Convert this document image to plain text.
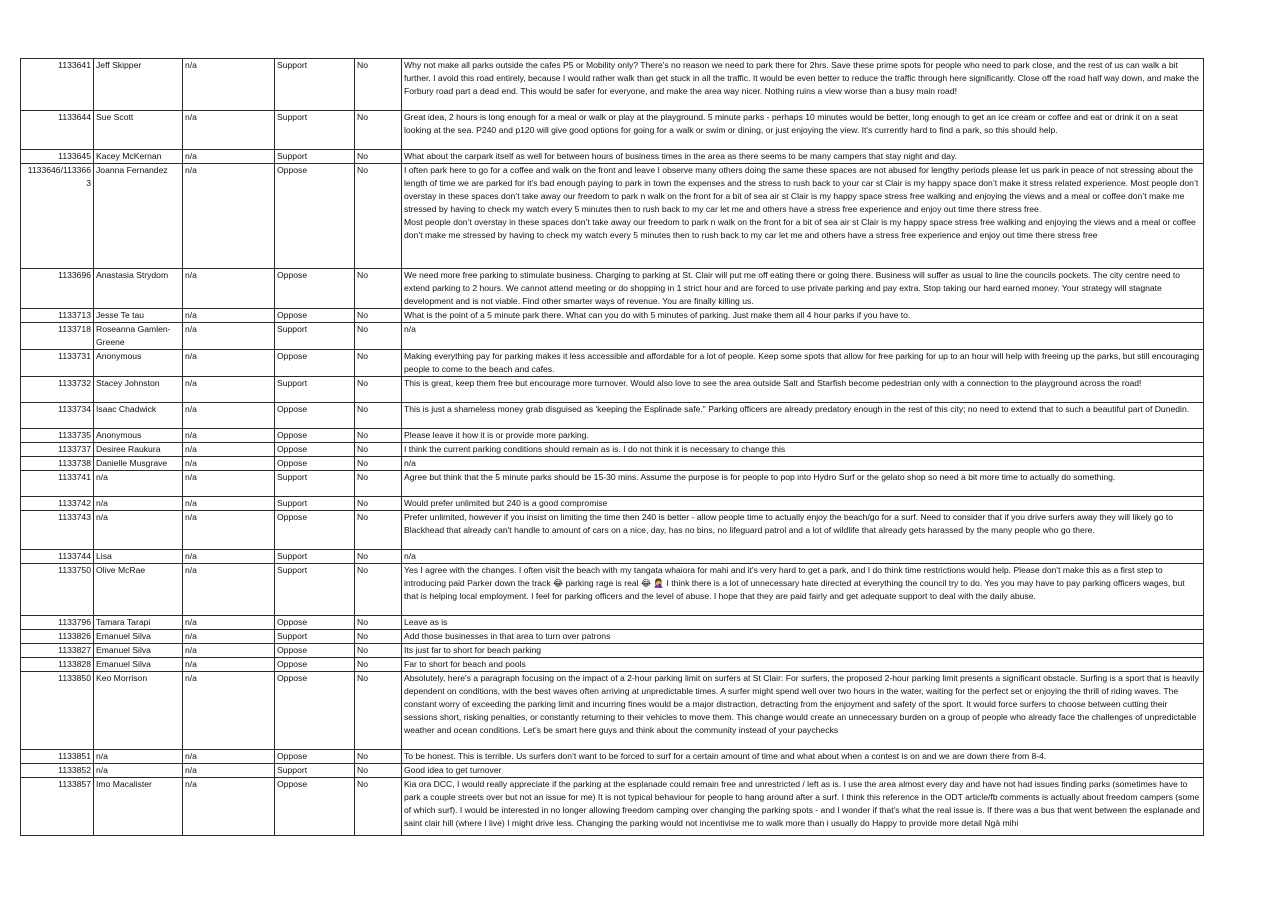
1133641	Jeff Skipper	n/a	Support	No	Why not make all parks outside the cafes P5 or Mobility only? There's no reason we need to park there for 2hrs. Save these prime spots for people who need to park close, and the rest of us can walk a bit further. I avoid this road entirely, because I would rather walk than get stuck in all the traffic. It would be even better to reduce the traffic through here significantly. Close off the road half way down, and make the Forbury road part a dead end. This would be safer for everyone, and make the area way nicer. Nothing ruins a view worse than a busy main road!
1133644	Sue Scott	n/a	Support	No	Great idea, 2 hours is long enough for a meal or walk or play at the playground. 5 minute parks - perhaps 10 minutes would be better, long enough to get an ice cream or coffee and eat or drink it on a seat looking at the sea. P240 and p120 will give good options for going for a walk or swim or dining, or just enjoying the view. It's currently hard to find a park, so this should help.
1133645	Kacey McKernan	n/a	Support	No	What about the carpark itself as well for between hours of business times in the area as there seems to be many campers that stay night and day.
1133646/1133663	Joanna Fernandez	n/a	Oppose	No	I often park here to go for a coffee and walk on the front and leave I observe many others doing the same these spaces are not abused for lengthy periods please let us park in peace of not stressing about the length of time we are parked for it’s bad enough paying to park in town the expenses and the stress to rush back to your car st Clair is my happy space don’t make it stress related experience. Most people don’t overstay in these spaces don’t take away our freedom to park n walk on the front for a bit of sea air st Clair is my happy space stress free walking and enjoying the views and a meal or coffee don’t make me stressed by having to check my watch every 5 minutes then to rush back to my car let me and others have a stress free experience and enjoy out time there stress free.
Most people don’t overstay in these spaces don’t take away our freedom to park n walk on the front for a bit of sea air st Clair is my happy space stress free walking and enjoying the views and a meal or coffee don’t make me stressed by having to check my watch every 5 minutes then to rush back to my car let me and others have a stress free experience and enjoy out time there stress free
1133696	Anastasia Strydom	n/a	Oppose	No	We need more free parking to stimulate business. Charging to parking at St. Clair will put me off eating there or going there. Business will suffer as usual to line the councils pockets. The city centre need to extend parking to 2 hours. We cannot attend meeting or do shopping in 1 strict hour and are forced to use private parking and pay extra. Stop taking our hard earned money. Your strategy will stagnate development and is not viable. Find other smarter ways of revenue. You are finally killing us.
1133713	Jesse Te tau	n/a	Oppose	No	What is the point of a 5 minute park there. What can you do with 5 minutes of parking. Just make them all 4 hour parks if you have to.
1133718	Roseanna Gamlen-Greene	n/a	Support	No	n/a
1133731	Anonymous	n/a	Oppose	No	Making everything pay for parking makes it less accessible and affordable for a lot of people. Keep some spots that allow for free parking for up to an hour will help with freeing up the parks, but still encouraging people to come to the beach and cafes.
1133732	Stacey Johnston	n/a	Support	No	This is great, keep them free but encourage more turnover. Would also love to see the area outside Salt and Starfish become pedestrian only with a connection to the playground across the road!
1133734	Isaac Chadwick	n/a	Oppose	No	This is just a shameless money grab disguised as 'keeping the Esplinade safe." Parking officers are already predatory enough in the rest of this city; no need to extend that to such a beautiful part of Dunedin.
1133735	Anonymous	n/a	Oppose	No	Please leave it how it is or provide more parking.
1133737	Desiree Raukura	n/a	Oppose	No	I think the current parking conditions should remain as is. I do not think it is necessary to change this
1133738	Danielle Musgrave	n/a	Oppose	No	n/a
1133741	n/a	n/a	Support	No	Agree but think that the 5 minute parks should be 15-30 mins. Assume the purpose is for people to pop into Hydro Surf or the gelato shop so need a bit more time to actually do something.
1133742	n/a	n/a	Support	No	Would prefer unlimited but 240 is a good compromise
1133743	n/a	n/a	Oppose	No	Prefer unlimited, however if you insist on limiting the time then 240 is better - allow people time to actually enjoy the beach/go for a surf. Need to consider that if you drive surfers away they will likely go to Blackhead that already can't handle to amount of cars on a nice, day, has no bins, no lifeguard patrol and a lot of wildlife that already gets harassed by the many people who go there.
1133744	Lisa	n/a	Support	No	n/a
1133750	Olive McRae	n/a	Support	No	Yes I agree with the changes. I often visit the beach with my tangata whaiora for mahi and it's very hard to get a park, and I do think time restrictions would help. Please don't make this as a first step to introducing paid Parker down the track 😂 parking rage is real 😂 🤦‍♀️ I think there is a lot of unnecessary hate directed at everything the council try to do. Yes you may have to pay parking officers wages, but that is helping local employment. I feel for parking officers and the level of abuse. I hope that they are paid fairly and get adequate support to deal with the daily abuse.
1133796	Tamara Tarapi	n/a	Oppose	No	Leave as is
1133826	Emanuel Silva	n/a	Support	No	Add those businesses in that area to turn over patrons
1133827	Emanuel Silva	n/a	Oppose	No	Its just far to short for beach parking
1133828	Emanuel Silva	n/a	Oppose	No	Far to short for beach and pools
1133850	Keo Morrison	n/a	Oppose	No	Absolutely, here's a paragraph focusing on the impact of a 2-hour parking limit on surfers at St Clair: For surfers, the proposed 2-hour parking limit presents a significant obstacle. Surfing is a sport that is heavily dependent on conditions, with the best waves often arriving at unpredictable times. A surfer might spend well over two hours in the water, waiting for the perfect set or enjoying the thrill of riding waves. The constant worry of exceeding the parking limit and incurring fines would be a major distraction, detracting from the enjoyment and safety of the sport. It would force surfers to choose between cutting their sessions short, risking penalties, or constantly returning to their vehicles to move them. This change would create an unnecessary burden on a group of people who already face the challenges of unpredictable weather and ocean conditions. Let’s be smart here guys and think about the community instead of your paychecks
1133851	n/a	n/a	Oppose	No	To be honest. This is terrible. Us surfers don’t want to be forced to surf for a certain amount of time and what about when a contest is on and we are down there from 8-4.
1133852	n/a	n/a	Support	No	Good idea to get turnover
1133857	Imo Macalister	n/a	Oppose	No	Kia ora DCC, I would really appreciate if the parking at the esplanade could remain free and unrestricted / left as is. I use the area almost every day and have not had issues finding parks (sometimes have to park a couple streets over but not an issue for me) It is not typical behaviour for people to hang around after a surf. I think this reference in the ODT article/fb comments is actually about freedom campers (some of which surf). I would be interested in no longer allowing freedom camping over changing the parking spots - and I wonder if that's what the real issue is. If there was a bus that went between the esplanade and saint clair hill (where I live) I might drive less. Changing the parking would not incentivise me to walk more than i usually do Happy to provide more detail Ngā mihi
